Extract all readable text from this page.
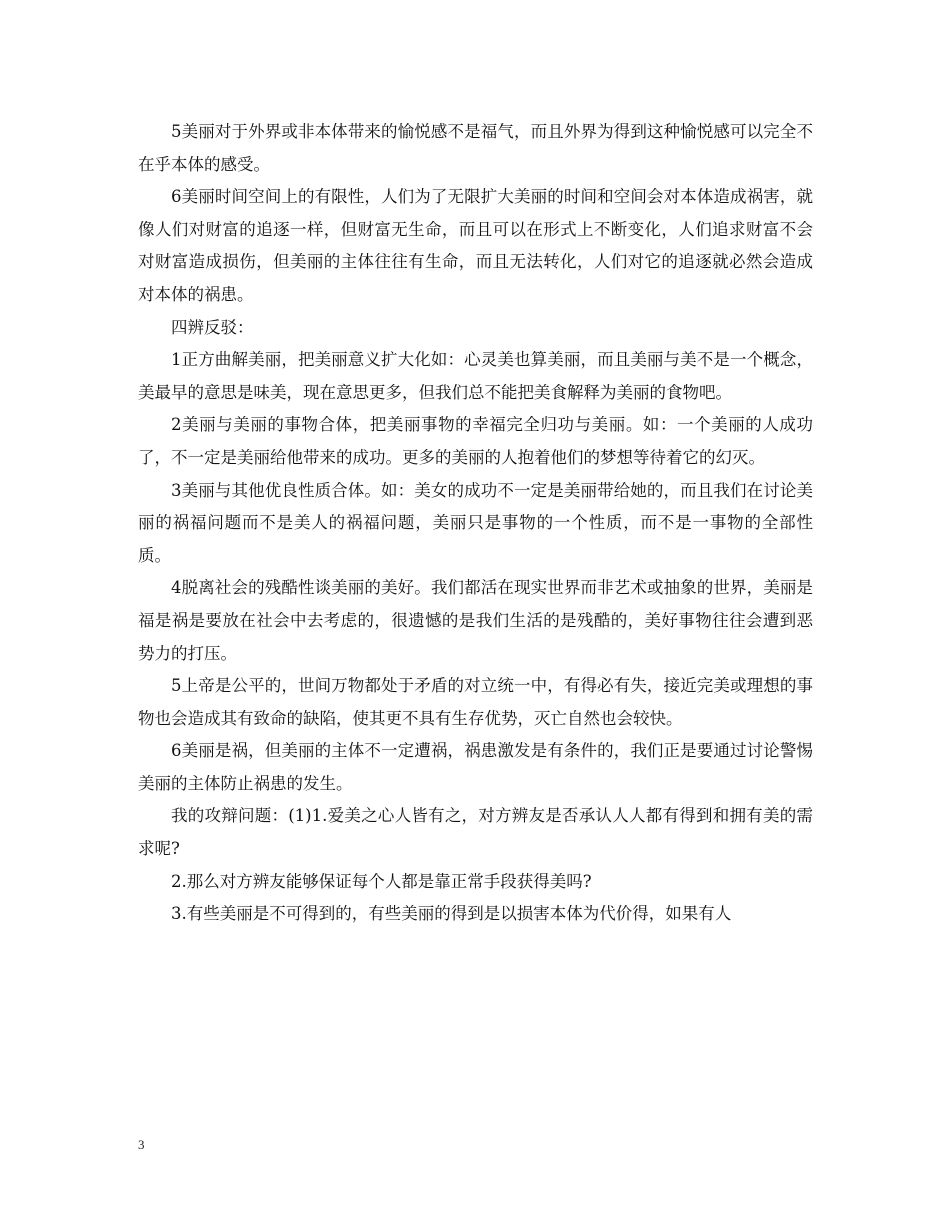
5美丽对于外界或非本体带来的愉悦感不是福气，而且外界为得到这种愉悦感可以完全不在乎本体的感受。

6美丽时间空间上的有限性，人们为了无限扩大美丽的时间和空间会对本体造成祸害，就像人们对财富的追逐一样，但财富无生命，而且可以在形式上不断变化，人们追求财富不会对财富造成损伤，但美丽的主体往往有生命，而且无法转化，人们对它的追逐就必然会造成对本体的祸患。

四辨反驳：

1正方曲解美丽，把美丽意义扩大化如：心灵美也算美丽，而且美丽与美不是一个概念，美最早的意思是味美，现在意思更多，但我们总不能把美食解释为美丽的食物吧。

2美丽与美丽的事物合体，把美丽事物的幸福完全归功与美丽。如：一个美丽的人成功了，不一定是美丽给他带来的成功。更多的美丽的人抱着他们的梦想等待着它的幻灭。

3美丽与其他优良性质合体。如：美女的成功不一定是美丽带给她的，而且我们在讨论美丽的祸福问题而不是美人的祸福问题，美丽只是事物的一个性质，而不是一事物的全部性质。

4脱离社会的残酷性谈美丽的美好。我们都活在现实世界而非艺术或抽象的世界，美丽是福是祸是要放在社会中去考虑的，很遗憾的是我们生活的是残酷的，美好事物往往会遭到恶势力的打压。

5上帝是公平的，世间万物都处于矛盾的对立统一中，有得必有失，接近完美或理想的事物也会造成其有致命的缺陷，使其更不具有生存优势，灭亡自然也会较快。

6美丽是祸，但美丽的主体不一定遭祸，祸患激发是有条件的，我们正是要通过讨论警惕美丽的主体防止祸患的发生。

我的攻辩问题：(1)1.爱美之心人皆有之，对方辨友是否承认人人都有得到和拥有美的需求呢?

2.那么对方辨友能够保证每个人都是靠正常手段获得美吗?

3.有些美丽是不可得到的，有些美丽的得到是以损害本体为代价得，如果有人

3
